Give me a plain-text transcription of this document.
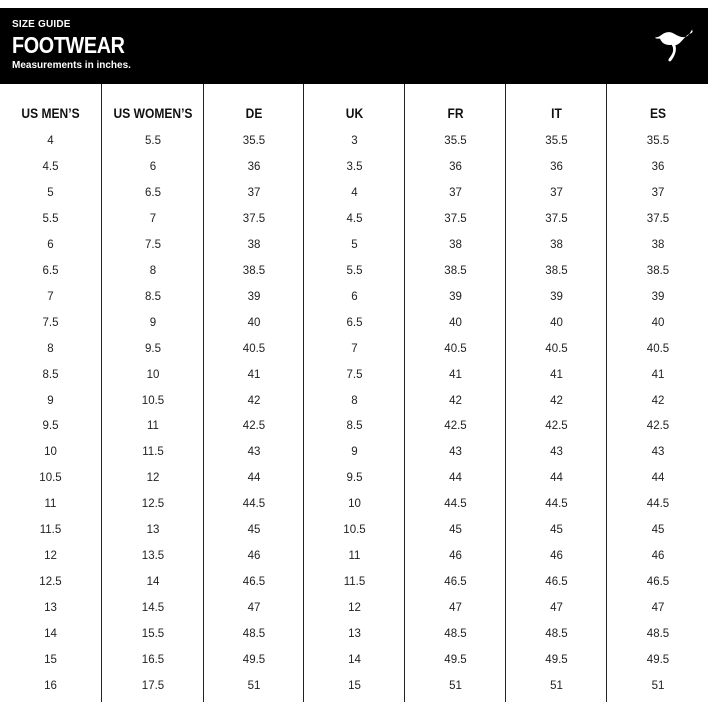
SIZE GUIDE
FOOTWEAR
Measurements in inches.
US MEN’S
4
4.5
5
5.5
6
6.5
7
7.5
8
8.5
9
9.5
10
10.5
11
11.5
12
12.5
13
14
15
16
US WOMEN’S
5.5
6
6.5
7
7.5
8
8.5
9
9.5
10
10.5
11
11.5
12
12.5
13
13.5
14
14.5
15.5
16.5
17.5
DE
35.5
36
37
37.5
38
38.5
39
40
40.5
41
42
42.5
43
44
44.5
45
46
46.5
47
48.5
49.5
51
UK
3
3.5
4
4.5
5
5.5
6
6.5
7
7.5
8
8.5
9
9.5
10
10.5
11
11.5
12
13
14
15
FR
35.5
36
37
37.5
38
38.5
39
40
40.5
41
42
42.5
43
44
44.5
45
46
46.5
47
48.5
49.5
51
IT
35.5
36
37
37.5
38
38.5
39
40
40.5
41
42
42.5
43
44
44.5
45
46
46.5
47
48.5
49.5
51
ES
35.5
36
37
37.5
38
38.5
39
40
40.5
41
42
42.5
43
44
44.5
45
46
46.5
47
48.5
49.5
51
